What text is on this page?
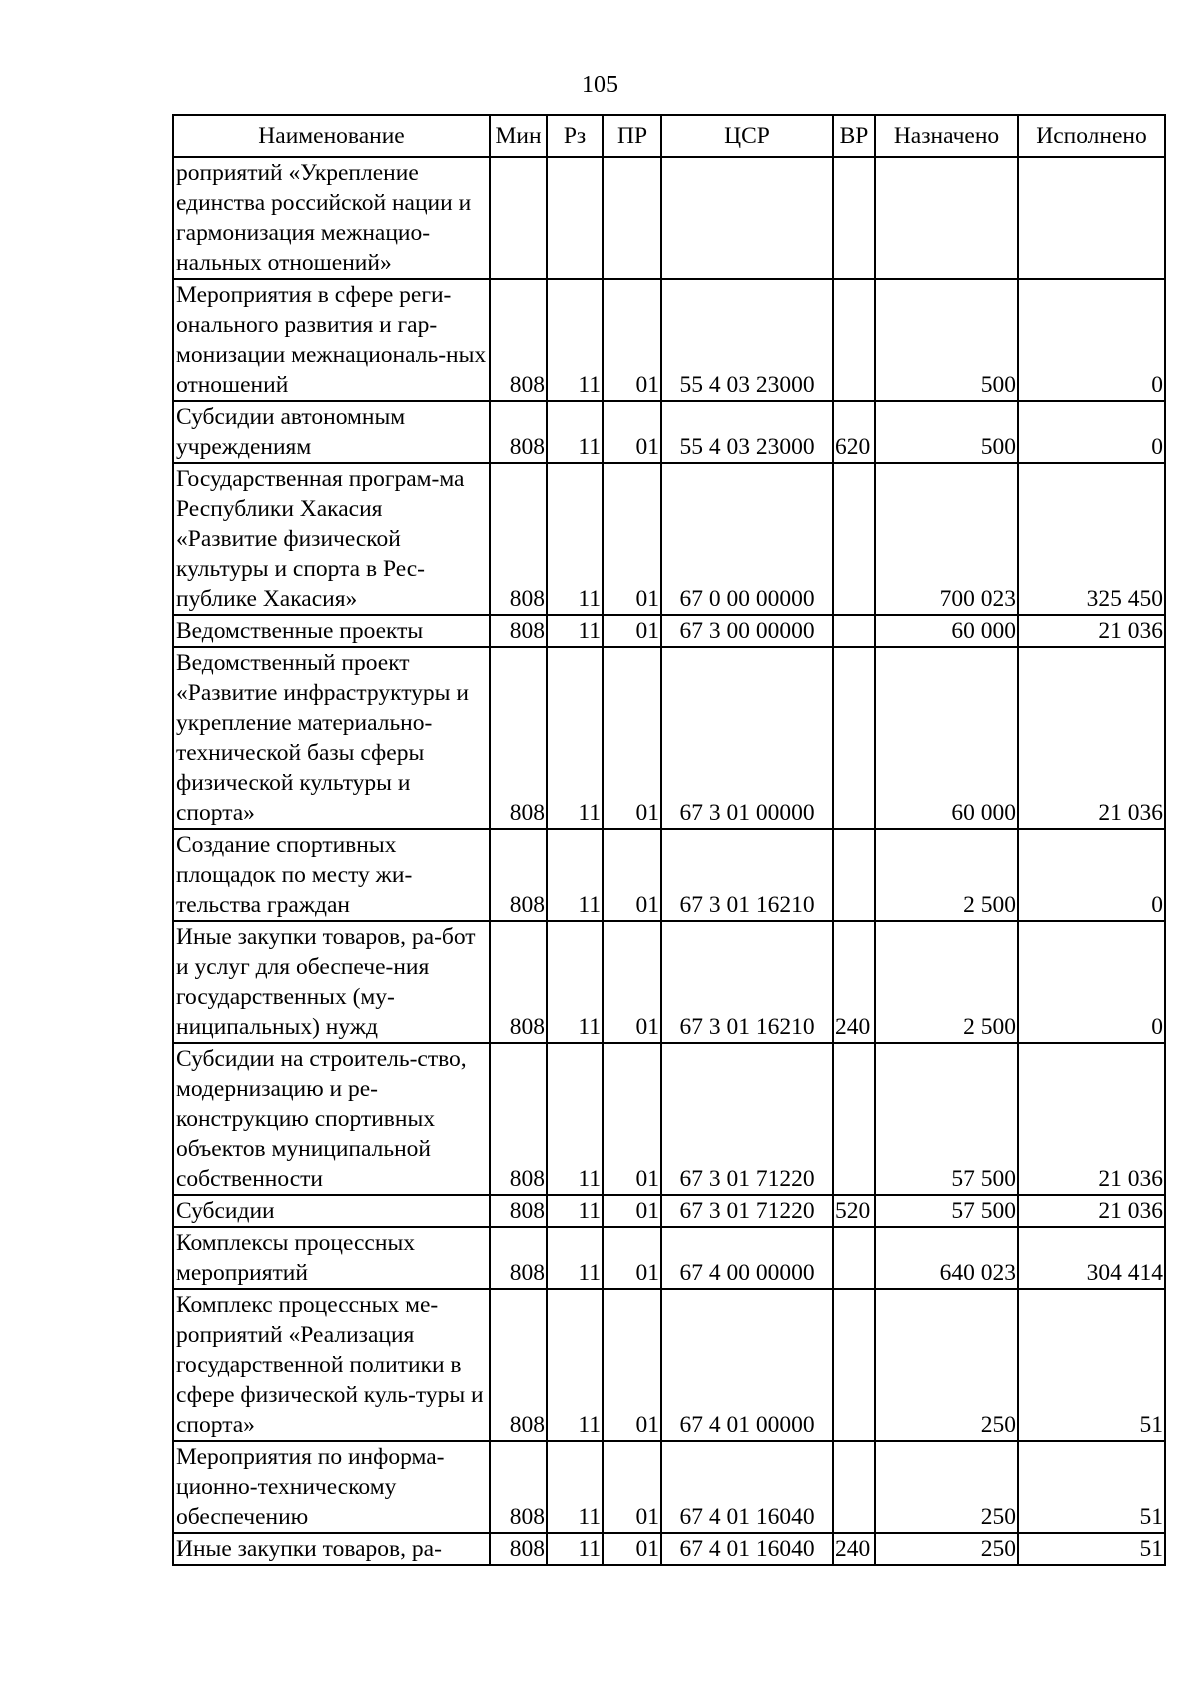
105
Наименование	Мин	Рз	ПР	ЦСР	ВР	Назначено	Исполнено
роприятий «Укрепление единства российской нации и гармонизация межнацио-нальных отношений»							
Мероприятия в сфере реги-онального развития и гар-монизации межнациональ-ных отношений	808	11	01	55 4 03 23000		500	0
Субсидии автономным учреждениям	808	11	01	55 4 03 23000	620	500	0
Государственная програм-ма Республики Хакасия «Развитие физической культуры и спорта в Рес-публике Хакасия»	808	11	01	67 0 00 00000		700 023	325 450
Ведомственные проекты	808	11	01	67 3 00 00000		60 000	21 036
Ведомственный проект «Развитие инфраструктуры и укрепление материально-технической базы сферы физической культуры и спорта»	808	11	01	67 3 01 00000		60 000	21 036
Создание спортивных площадок по месту жи-тельства граждан	808	11	01	67 3 01 16210		2 500	0
Иные закупки товаров, ра-бот и услуг для обеспече-ния государственных (му-ниципальных) нужд	808	11	01	67 3 01 16210	240	2 500	0
Субсидии на строитель-ство, модернизацию и ре-конструкцию спортивных объектов муниципальной собственности	808	11	01	67 3 01 71220		57 500	21 036
Субсидии	808	11	01	67 3 01 71220	520	57 500	21 036
Комплексы процессных мероприятий	808	11	01	67 4 00 00000		640 023	304 414
Комплекс процессных ме-роприятий «Реализация государственной политики в сфере физической куль-туры и спорта»	808	11	01	67 4 01 00000		250	51
Мероприятия по информа-ционно-техническому обеспечению	808	11	01	67 4 01 16040		250	51
Иные закупки товаров, ра-	808	11	01	67 4 01 16040	240	250	51
